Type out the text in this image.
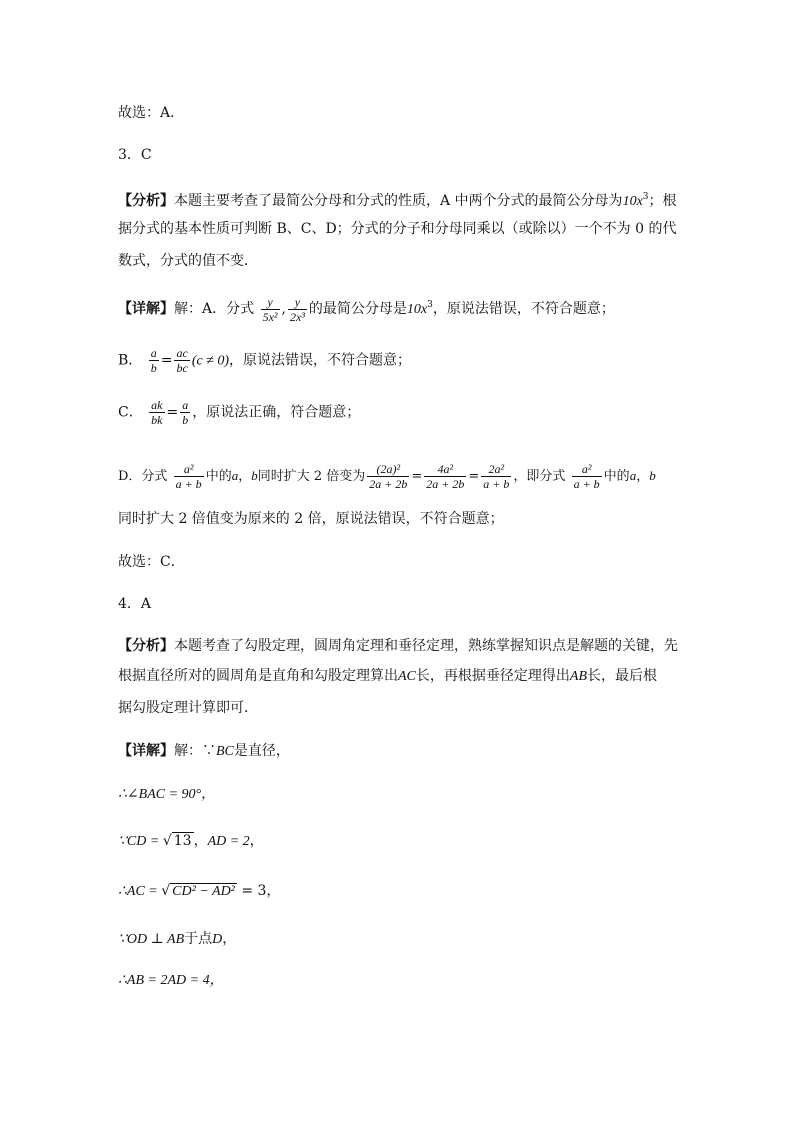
故选：A．
3．C
【分析】本题主要考查了最简公分母和分式的性质，A 中两个分式的最简公分母为$10x^3$；根
据分式的基本性质可判断 B、C、D；分式的分子和分母同乘以（或除以）一个不为 0 的代
数式，分式的值不变．
【详解】解：A．分式 $\frac{y}{\text{5x²}}$ , $\frac{y}{\text{2x³}}$ 的最简公分母是$10x^3$，原说法错误，不符合题意；
B． $\frac{a}{b} = \frac{ac}{bc} (c \ne 0)$，原说法错误，不符合题意；
C． $\frac{ak}{bk} = \frac{a}{b}$ ，原说法正确，符合题意；
D．分式 $\frac{\text{a²}}{a + b}$ 中的a，b同时扩大 2 倍变为 $\frac{\text{(2a)²}}{2a + 2b} = \frac{\text{4a²}}{2a + 2b} = \frac{\text{2a²}}{a + b}$ ，即分式 $\frac{\text{a²}}{a + b}$ 中的a，b
同时扩大 2 倍值变为原来的 2 倍，原说法错误，不符合题意；
故选：C．
4．A
【分析】本题考查了勾股定理，圆周角定理和垂径定理，熟练掌握知识点是解题的关键，先
根据直径所对的圆周角是直角和勾股定理算出AC长，再根据垂径定理得出AB长，最后根
据勾股定理计算即可．
【详解】解：∵BC是直径，
∴∠BAC = 90°，
∵CD = √ 13 ，AD = 2，
∴AC = √ CD² − AD² = 3，
∵OD ⊥ AB于点D，
∴AB = 2AD = 4，
